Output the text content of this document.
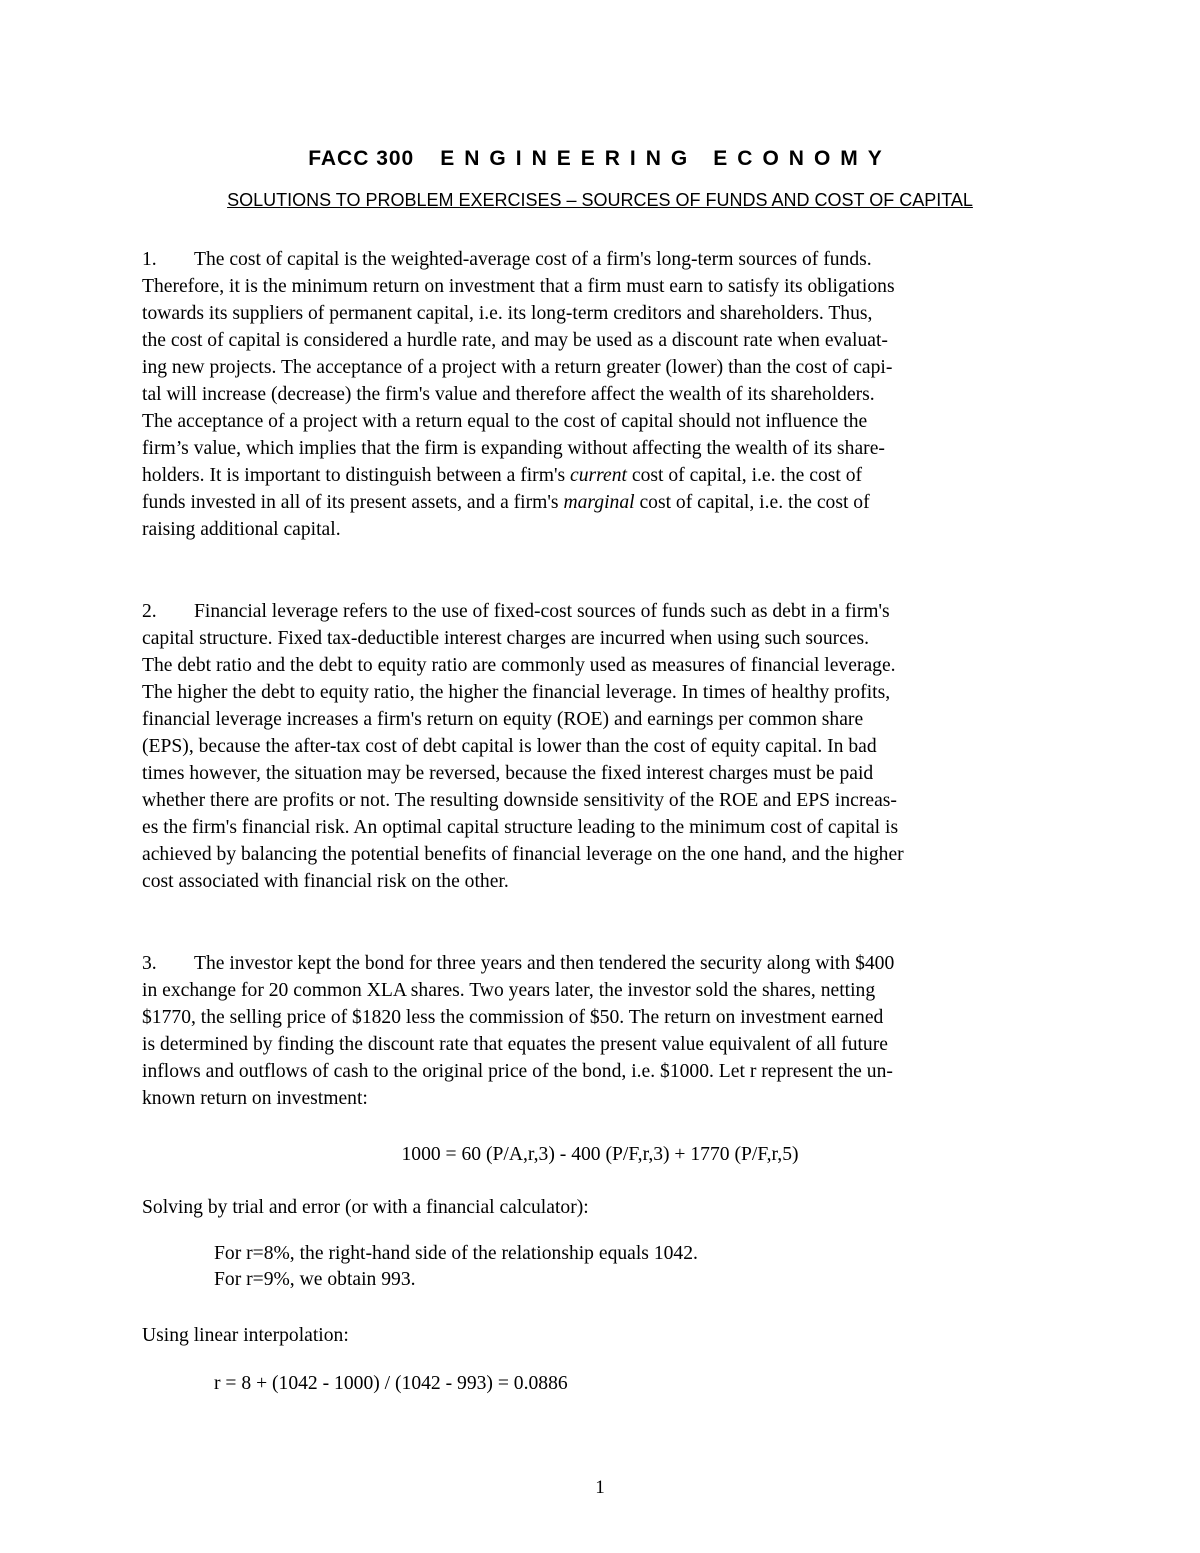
FACC 300 ENGINEERING ECONOMY
SOLUTIONS TO PROBLEM EXERCISES – SOURCES OF FUNDS AND COST OF CAPITAL
1. The cost of capital is the weighted-average cost of a firm's long-term sources of funds.
Therefore, it is the minimum return on investment that a firm must earn to satisfy its obligations
towards its suppliers of permanent capital, i.e. its long-term creditors and shareholders. Thus,
the cost of capital is considered a hurdle rate, and may be used as a discount rate when evaluat-
ing new projects. The acceptance of a project with a return greater (lower) than the cost of capi-
tal will increase (decrease) the firm's value and therefore affect the wealth of its shareholders.
The acceptance of a project with a return equal to the cost of capital should not influence the
firm’s value, which implies that the firm is expanding without affecting the wealth of its share-
holders. It is important to distinguish between a firm's current cost of capital, i.e. the cost of
funds invested in all of its present assets, and a firm's marginal cost of capital, i.e. the cost of
raising additional capital.
2. Financial leverage refers to the use of fixed-cost sources of funds such as debt in a firm's
capital structure. Fixed tax-deductible interest charges are incurred when using such sources.
The debt ratio and the debt to equity ratio are commonly used as measures of financial leverage.
The higher the debt to equity ratio, the higher the financial leverage. In times of healthy profits,
financial leverage increases a firm's return on equity (ROE) and earnings per common share
(EPS), because the after-tax cost of debt capital is lower than the cost of equity capital. In bad
times however, the situation may be reversed, because the fixed interest charges must be paid
whether there are profits or not. The resulting downside sensitivity of the ROE and EPS increas-
es the firm's financial risk. An optimal capital structure leading to the minimum cost of capital is
achieved by balancing the potential benefits of financial leverage on the one hand, and the higher
cost associated with financial risk on the other.
3. The investor kept the bond for three years and then tendered the security along with $400
in exchange for 20 common XLA shares. Two years later, the investor sold the shares, netting
$1770, the selling price of $1820 less the commission of $50. The return on investment earned
is determined by finding the discount rate that equates the present value equivalent of all future
inflows and outflows of cash to the original price of the bond, i.e. $1000. Let r represent the un-
known return on investment:
1000 = 60 (P/A,r,3) - 400 (P/F,r,3) + 1770 (P/F,r,5)
Solving by trial and error (or with a financial calculator):
For r=8%, the right-hand side of the relationship equals 1042.
For r=9%, we obtain 993.
Using linear interpolation:
r = 8 + (1042 - 1000) / (1042 - 993) = 0.0886
1
